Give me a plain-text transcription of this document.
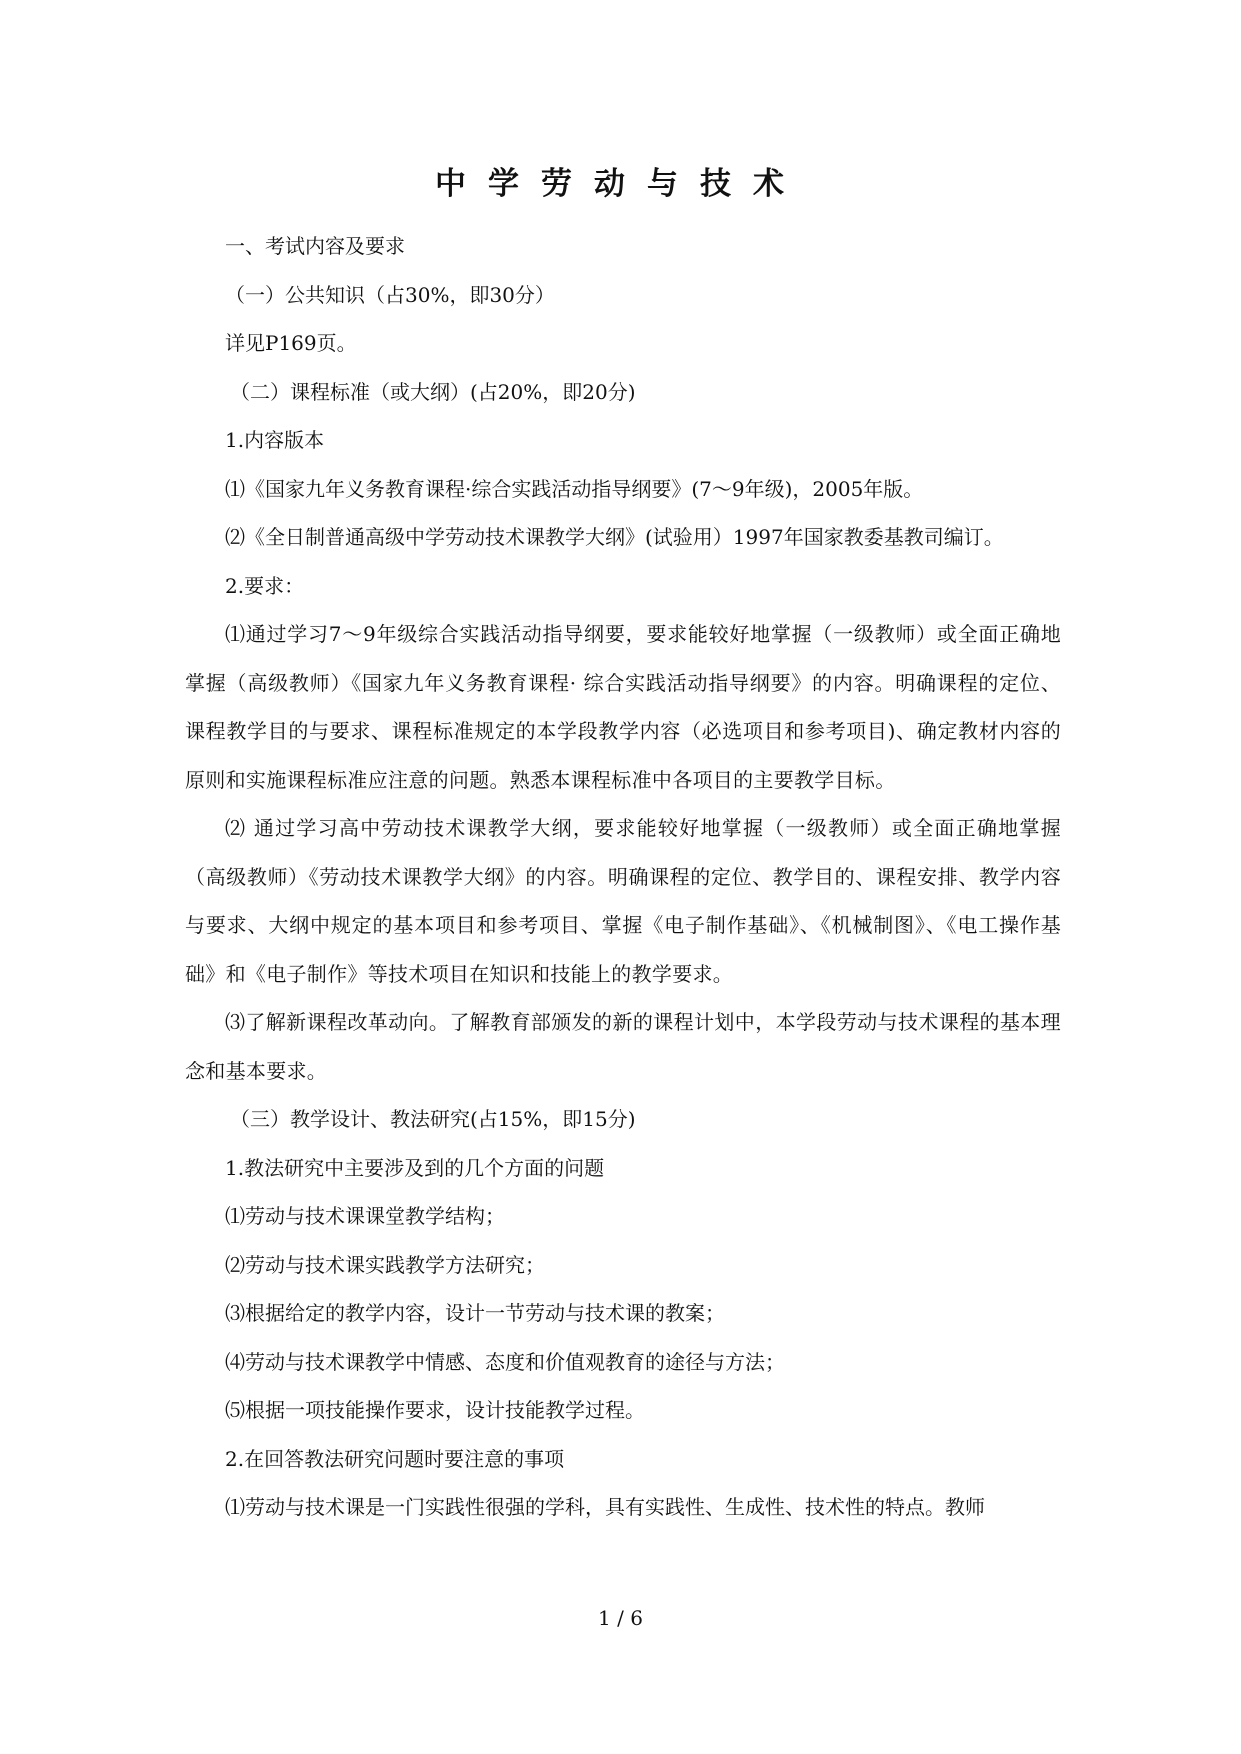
中学劳动与技术

一、考试内容及要求

（一）公共知识（占30%，即30分）

详见P169页。

（二）课程标准（或大纲）(占20%，即20分)

1.内容版本

⑴《国家九年义务教育课程·综合实践活动指导纲要》(7～9年级)，2005年版。

⑵《全日制普通高级中学劳动技术课教学大纲》(试验用）1997年国家教委基教司编订。

2.要求：

⑴通过学习7～9年级综合实践活动指导纲要，要求能较好地掌握（一级教师）或全面正确地掌握（高级教师）《国家九年义务教育课程· 综合实践活动指导纲要》的内容。明确课程的定位、课程教学目的与要求、课程标准规定的本学段教学内容（必选项目和参考项目)、确定教材内容的原则和实施课程标准应注意的问题。熟悉本课程标准中各项目的主要教学目标。

⑵ 通过学习高中劳动技术课教学大纲，要求能较好地掌握（一级教师）或全面正确地掌握（高级教师）《劳动技术课教学大纲》的内容。明确课程的定位、教学目的、课程安排、教学内容与要求、大纲中规定的基本项目和参考项目、掌握《电子制作基础》、《机械制图》、《电工操作基础》和《电子制作》等技术项目在知识和技能上的教学要求。

⑶了解新课程改革动向。了解教育部颁发的新的课程计划中，本学段劳动与技术课程的基本理念和基本要求。

（三）教学设计、教法研究(占15%，即15分)

1.教法研究中主要涉及到的几个方面的问题

⑴劳动与技术课课堂教学结构；

⑵劳动与技术课实践教学方法研究；

⑶根据给定的教学内容，设计一节劳动与技术课的教案；

⑷劳动与技术课教学中情感、态度和价值观教育的途径与方法；

⑸根据一项技能操作要求，设计技能教学过程。

2.在回答教法研究问题时要注意的事项

⑴劳动与技术课是一门实践性很强的学科，具有实践性、生成性、技术性的特点。教师

1 / 6
